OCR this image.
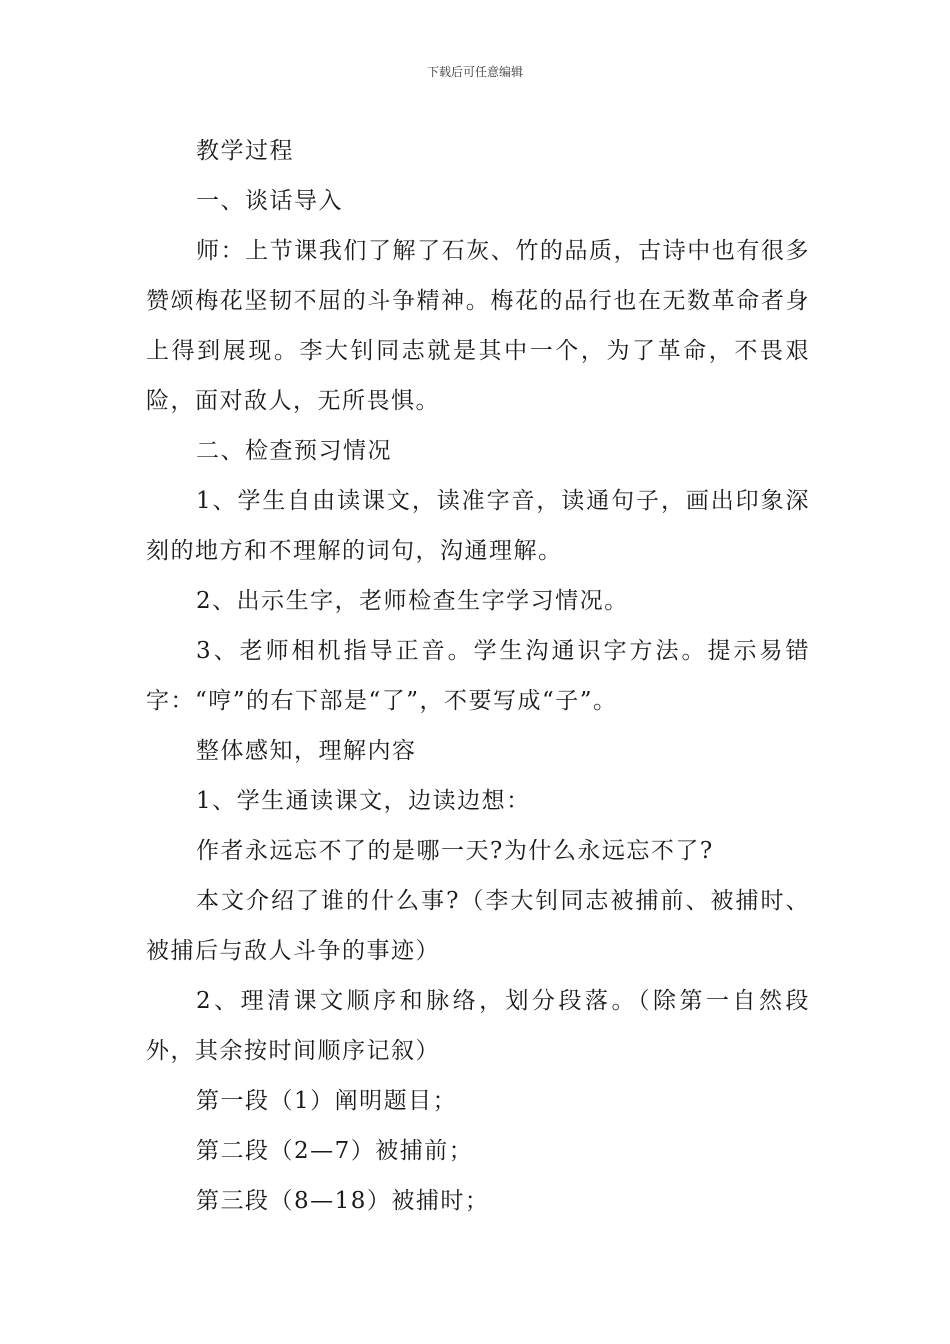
下载后可任意编辑

教学过程

一、谈话导入

师：上节课我们了解了石灰、竹的品质，古诗中也有很多赞颂梅花坚韧不屈的斗争精神。梅花的品行也在无数革命者身上得到展现。李大钊同志就是其中一个，为了革命，不畏艰险，面对敌人，无所畏惧。

二、检查预习情况

1、学生自由读课文，读准字音，读通句子，画出印象深刻的地方和不理解的词句，沟通理解。

2、出示生字，老师检查生字学习情况。

3、老师相机指导正音。学生沟通识字方法。提示易错字：“哼”的右下部是“了”，不要写成“子”。

整体感知，理解内容

1、学生通读课文，边读边想：

作者永远忘不了的是哪一天?为什么永远忘不了?

本文介绍了谁的什么事?（李大钊同志被捕前、被捕时、被捕后与敌人斗争的事迹）

2、理清课文顺序和脉络，划分段落。（除第一自然段外，其余按时间顺序记叙）

第一段（1）阐明题目；

第二段（2—7）被捕前；

第三段（8—18）被捕时；
